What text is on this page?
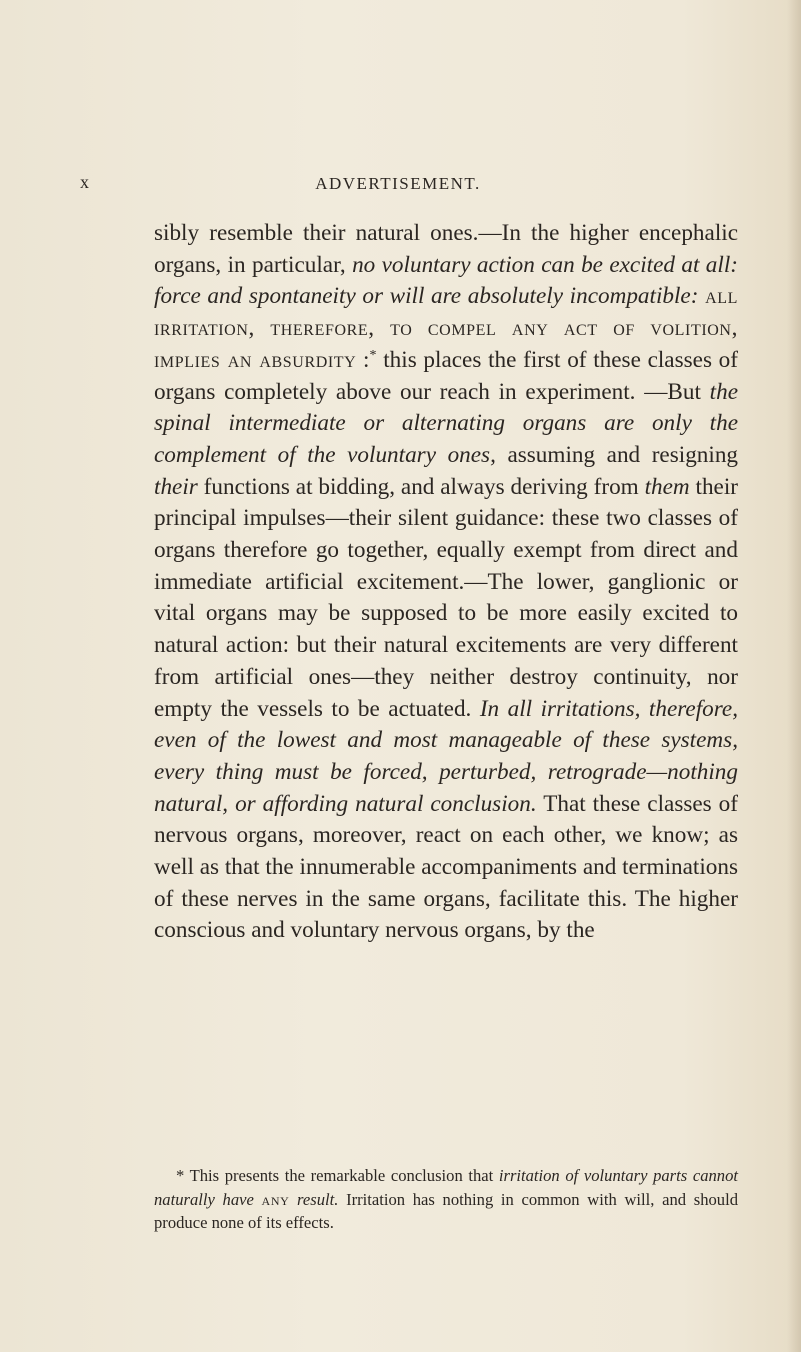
x	ADVERTISEMENT.

sibly resemble their natural ones.—In the higher encephalic organs, in particular, no voluntary action can be excited at all: force and spontaneity or will are absolutely incompatible: all irritation, therefore, to compel any act of volition, implies an absurdity :* this places the first of these classes of organs completely above our reach in experiment. —But the spinal intermediate or alternating organs are only the complement of the voluntary ones, assuming and resigning their functions at bidding, and always deriving from them their principal impulses—their silent guidance: these two classes of organs therefore go together, equally exempt from direct and immediate artificial excitement.—The lower, ganglionic or vital organs may be supposed to be more easily excited to natural action: but their natural excitements are very different from artificial ones—they neither destroy continuity, nor empty the vessels to be actuated. In all irritations, therefore, even of the lowest and most manageable of these systems, every thing must be forced, perturbed, retrograde—nothing natural, or affording natural conclusion. That these classes of nervous organs, moreover, react on each other, we know; as well as that the innumerable accompaniments and terminations of these nerves in the same organs, facilitate this. The higher conscious and voluntary nervous organs, by the

* This presents the remarkable conclusion that irritation of voluntary parts cannot naturally have any result. Irritation has nothing in common with will, and should produce none of its effects.
